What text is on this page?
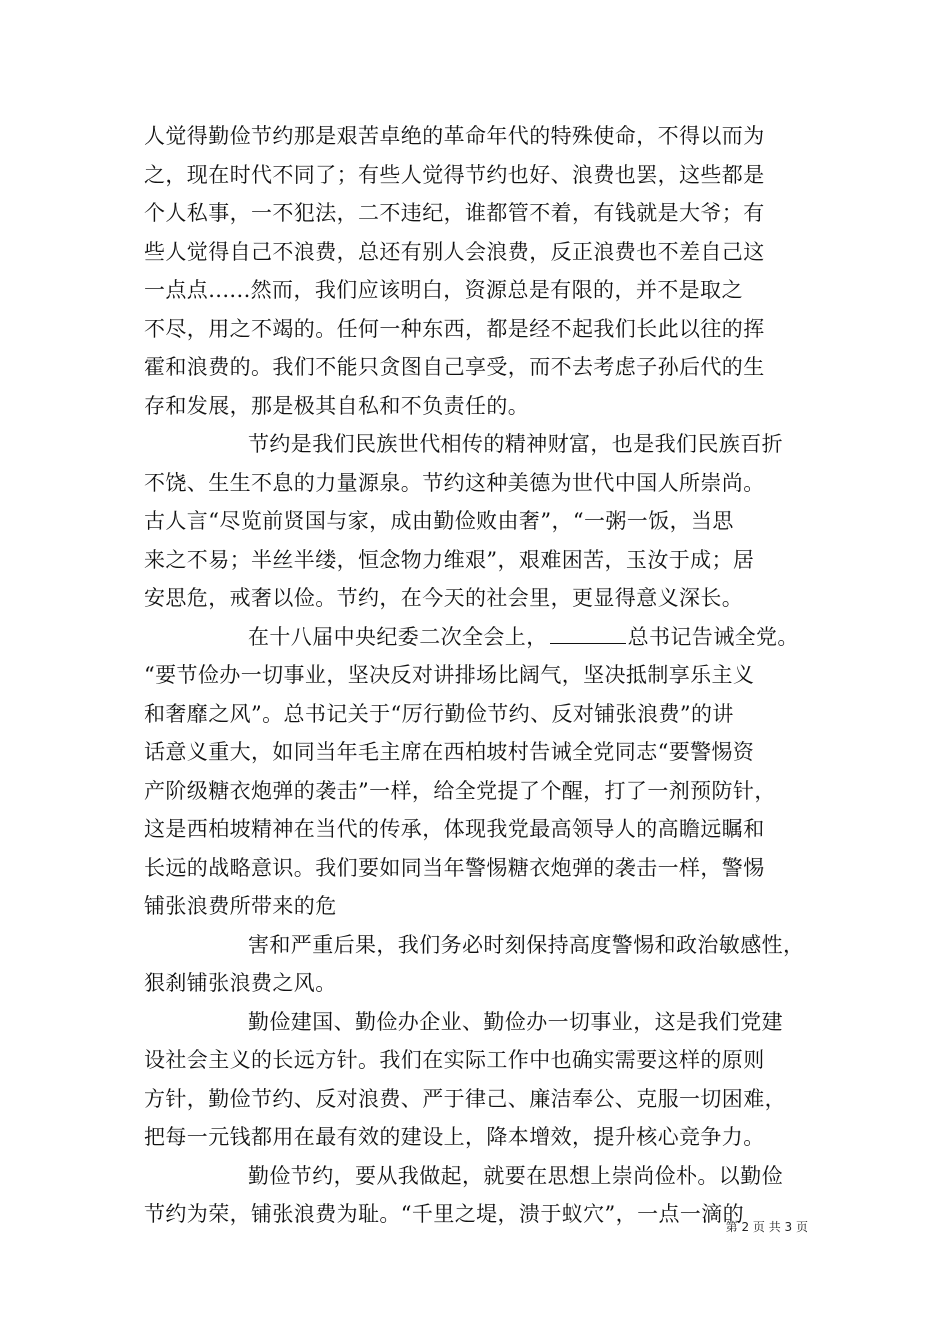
人觉得勤俭节约那是艰苦卓绝的革命年代的特殊使命，不得以而为
之，现在时代不同了；有些人觉得节约也好、浪费也罢，这些都是
个人私事，一不犯法，二不违纪，谁都管不着，有钱就是大爷；有
些人觉得自己不浪费，总还有别人会浪费，反正浪费也不差自己这
一点点......然而，我们应该明白，资源总是有限的，并不是取之
不尽，用之不竭的。任何一种东西，都是经不起我们长此以往的挥
霍和浪费的。我们不能只贪图自己享受，而不去考虑子孙后代的生
存和发展，那是极其自私和不负责任的。
节约是我们民族世代相传的精神财富，也是我们民族百折
不饶、生生不息的力量源泉。节约这种美德为世代中国人所崇尚。
古人言“尽览前贤国与家，成由勤俭败由奢”，“一粥一饭，当思
来之不易；半丝半缕，恒念物力维艰”，艰难困苦，玉汝于成；居
安思危，戒奢以俭。节约，在今天的社会里，更显得意义深长。
在十八届中央纪委二次全会上，	总书记告诫全党。
“要节俭办一切事业，坚决反对讲排场比阔气，坚决抵制享乐主义
和奢靡之风”。总书记关于“厉行勤俭节约、反对铺张浪费”的讲
话意义重大，如同当年毛主席在西柏坡村告诫全党同志“要警惕资
产阶级糖衣炮弹的袭击”一样，给全党提了个醒，打了一剂预防针，
这是西柏坡精神在当代的传承，体现我党最高领导人的高瞻远瞩和
长远的战略意识。我们要如同当年警惕糖衣炮弹的袭击一样，警惕
铺张浪费所带来的危
害和严重后果，我们务必时刻保持高度警惕和政治敏感性，
狠刹铺张浪费之风。
勤俭建国、勤俭办企业、勤俭办一切事业，这是我们党建
设社会主义的长远方针。我们在实际工作中也确实需要这样的原则
方针，勤俭节约、反对浪费、严于律己、廉洁奉公、克服一切困难，
把每一元钱都用在最有效的建设上，降本增效，提升核心竞争力。
勤俭节约，要从我做起，就要在思想上崇尚俭朴。以勤俭
节约为荣，铺张浪费为耻。“千里之堤，溃于蚁穴”，一点一滴的
第 2 页 共 3 页
